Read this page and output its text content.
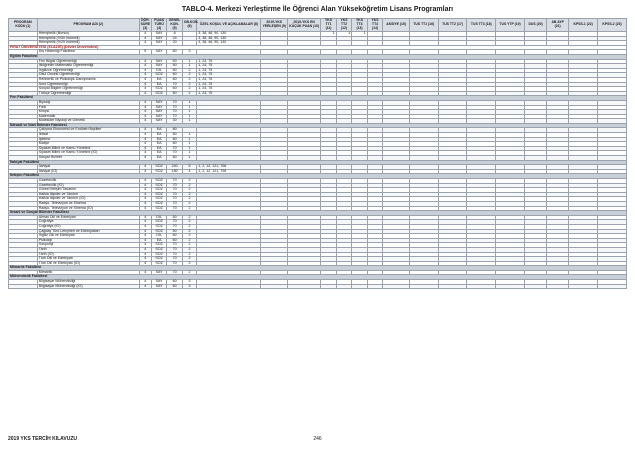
TABLO-4. Merkezi Yerleştirme İle Öğrenci Alan Yükseköğretim Lisans Programları
PROGRAM KODU (1)	PROGRAM ADI (2)	ÖĞR. SÜRE (3)	PUAN TÜRÜ (4)	GENEL KON. (5)	OB.KON. (6)	ÖZEL KOŞUL VE AÇIKLAMALAR (8)	2019-YKS YERLEŞEN (9)	2019-YKS EN KÜÇÜK PUAN (10)	YKS TT1 (11)	YKS TT2 (12)	YKS TT3 (13)	YKS TT4 (14)	AKSİYE (15)	TUS TT1 (16)	TUS TT2 (17)	TUS TT3 (18)	TUS YTP (19)	DUS (20)	AB AYP (21)	KPSS-1 (22)	KPSS-2 (23)
	Hemşirelik (Burslu)	4	SAY	8		3, 38, 46, 90, 130			1	1	1										
	Hemşirelik (%50 İndirimli)	4	SAY	24		3, 38, 46, 90, 130															
	Hemşirelik (%25 İndirimli)	4	SAY	20		3, 38, 46, 90, 130															
FIRAT ÜNİVERSİTESİ (ELAZIĞ) (Devlet Üniversitesi)																					
	Diş Hekimliği Fakültesi	5	SAY	60	3																
Eğitim Fakültesi																					
	Fen Bilgisi Öğretmenliği	4	SAY	50	1	1, 24, 75															
	İlköğretim Matematik Öğretmenliği	4	SAY	50	1	1, 24, 75															
	İngilizce Öğretmenliği	4	DİL	60	2	1, 24, 75															
	Okul Öncesi Öğretmenliği	4	SÖZ	60	2	1, 24, 75															
	Rehberlik ve Psikolojik Danışmanlık	4	EA	80	2	1, 24, 75															
	Sınıf Öğretmenliği	4	EA	70	2	1, 24, 75															
	Sosyal Bilgiler Öğretmenliği	4	SÖZ	60	2	1, 24, 75															
	Türkçe Öğretmenliği	4	SÖZ	60	2	1, 24, 75															
Fen Fakültesi																					
	Biyoloji	4	SAY	70	1																
	Fizik	4	SAY	70	1																
	Kimya	4	SAY	70	1																
	Matematik	4	SAY	70	1																
	Moleküler Biyoloji ve Genetik	4	SAY	30	1																
İktisadi ve İdari Bilimler Fakültesi																					
	Çalışma Ekonomisi ve Endüstri İlişkileri	4	EA	80																	
	İktisat	4	EA	60	1																
	İşletme	4	EA	80	1																
	Maliye	4	EA	60	1																
	Siyaset Bilimi ve Kamu Yönetimi	4	EA	70	1																
	Siyaset Bilimi ve Kamu Yönetimi (İÖ)	4	EA	70	1																
	Sosyal Hizmet	4	EA	60	1																
İlahiyat Fakültesi																					
	İlahiyat	4	SÖZ	240	6	1, 2, 12, 121, 708															
	İlahiyat (İÖ)	4	SÖZ	180	4	1, 2, 12, 121, 708															
İletişim Fakültesi																					
	Gazetecilik	4	SÖZ	70	2																
	Gazetecilik (İÖ)	4	SÖZ	70	2																
	Görsel İletişim Tasarımı	4	SÖZ	70	2																
	Halkla İlişkiler ve Tanıtım	4	SÖZ	70	2																
	Halkla İlişkiler ve Tanıtım (İÖ)	4	SÖZ	70	2																
	Radyo, Televizyon ve Sinema	4	SÖZ	70	2																
	Radyo, Televizyon ve Sinema (İÖ)	4	SÖZ	70	2																
İnsani ve Sosyal Bilimler Fakültesi																					
	Alman Dili ve Edebiyatı	4	DİL	50	2																
	Coğrafya	4	SÖZ	70	2																
	Coğrafya (İÖ)	4	SÖZ	70	2																
	Çağdaş Türk Lehçeleri ve Edebiyatları	4	SÖZ	50	2																
	İngiliz Dili ve Edebiyatı	4	DİL	60	2																
	Psikoloji	4	EA	60	2																
	Sosyoloji	4	SÖZ	70	2																
	Tarih	4	SÖZ	70	2																
	Tarih (İÖ)	4	SÖZ	70	2																
	Türk Dili ve Edebiyatı	4	SÖZ	70	2																
	Türk Dili ve Edebiyatı (İÖ)	4	SÖZ	70	2																
Mimarlık Fakültesi																					
	Mimarlık	4	SAY	70	2																
Mühendislik Fakültesi																					
	Bilgisayar Mühendisliği	4	SAY	60	3																
	Bilgisayar Mühendisliği (İÖ)	4	SAY	60	3																
2019 YKS TERCİH KILAVUZU	246
